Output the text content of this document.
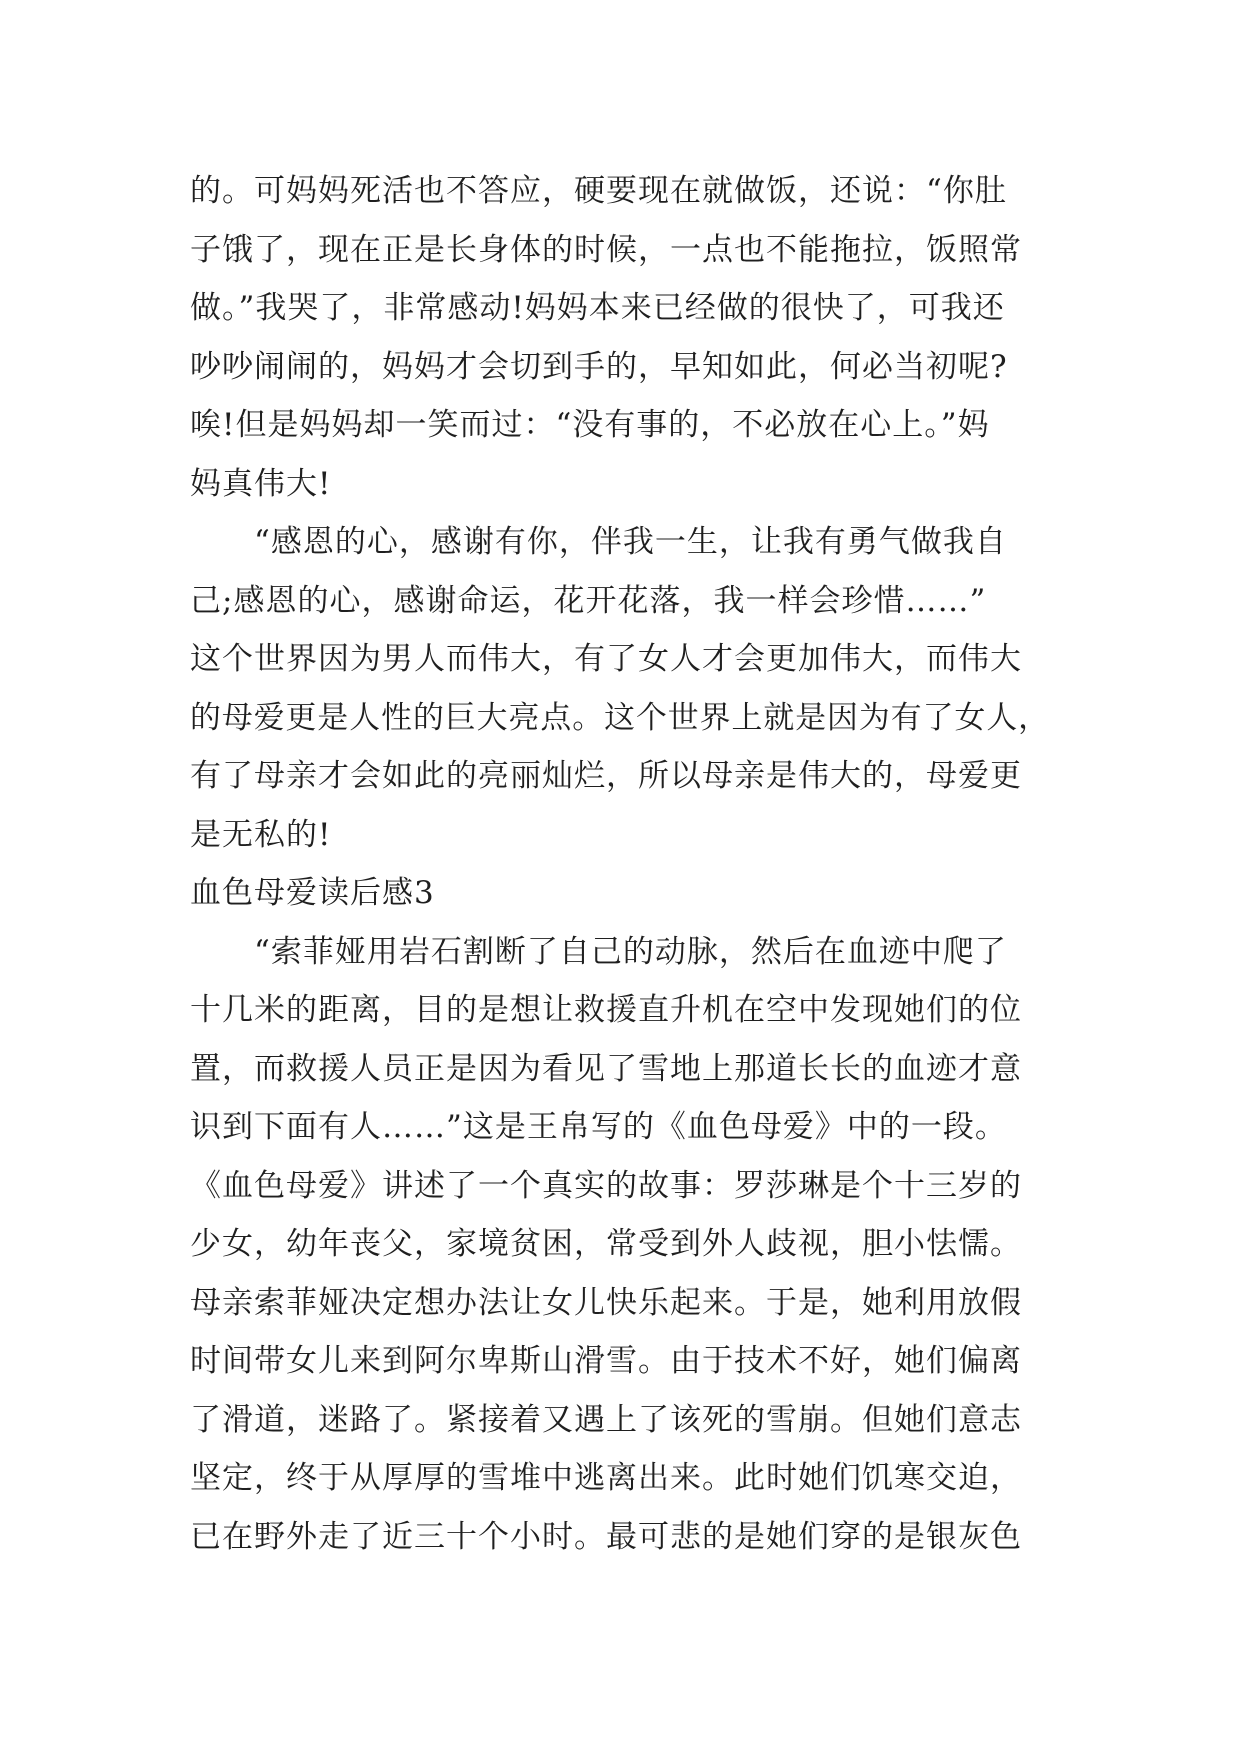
的。可妈妈死活也不答应，硬要现在就做饭，还说：“你肚
子饿了，现在正是长身体的时候，一点也不能拖拉，饭照常
做。”我哭了，非常感动!妈妈本来已经做的很快了，可我还
吵吵闹闹的，妈妈才会切到手的，早知如此，何必当初呢?
唉!但是妈妈却一笑而过：“没有事的，不必放在心上。”妈
妈真伟大!
“感恩的心，感谢有你，伴我一生，让我有勇气做我自
己;感恩的心，感谢命运，花开花落，我一样会珍惜……”
这个世界因为男人而伟大，有了女人才会更加伟大，而伟大
的母爱更是人性的巨大亮点。这个世界上就是因为有了女人，
有了母亲才会如此的亮丽灿烂，所以母亲是伟大的，母爱更
是无私的!
血色母爱读后感3
“索菲娅用岩石割断了自己的动脉，然后在血迹中爬了
十几米的距离，目的是想让救援直升机在空中发现她们的位
置，而救援人员正是因为看见了雪地上那道长长的血迹才意
识到下面有人……”这是王帛写的《血色母爱》中的一段。
《血色母爱》讲述了一个真实的故事：罗莎琳是个十三岁的
少女，幼年丧父，家境贫困，常受到外人歧视，胆小怯懦。
母亲索菲娅决定想办法让女儿快乐起来。于是，她利用放假
时间带女儿来到阿尔卑斯山滑雪。由于技术不好，她们偏离
了滑道，迷路了。紧接着又遇上了该死的雪崩。但她们意志
坚定，终于从厚厚的雪堆中逃离出来。此时她们饥寒交迫，
已在野外走了近三十个小时。最可悲的是她们穿的是银灰色
